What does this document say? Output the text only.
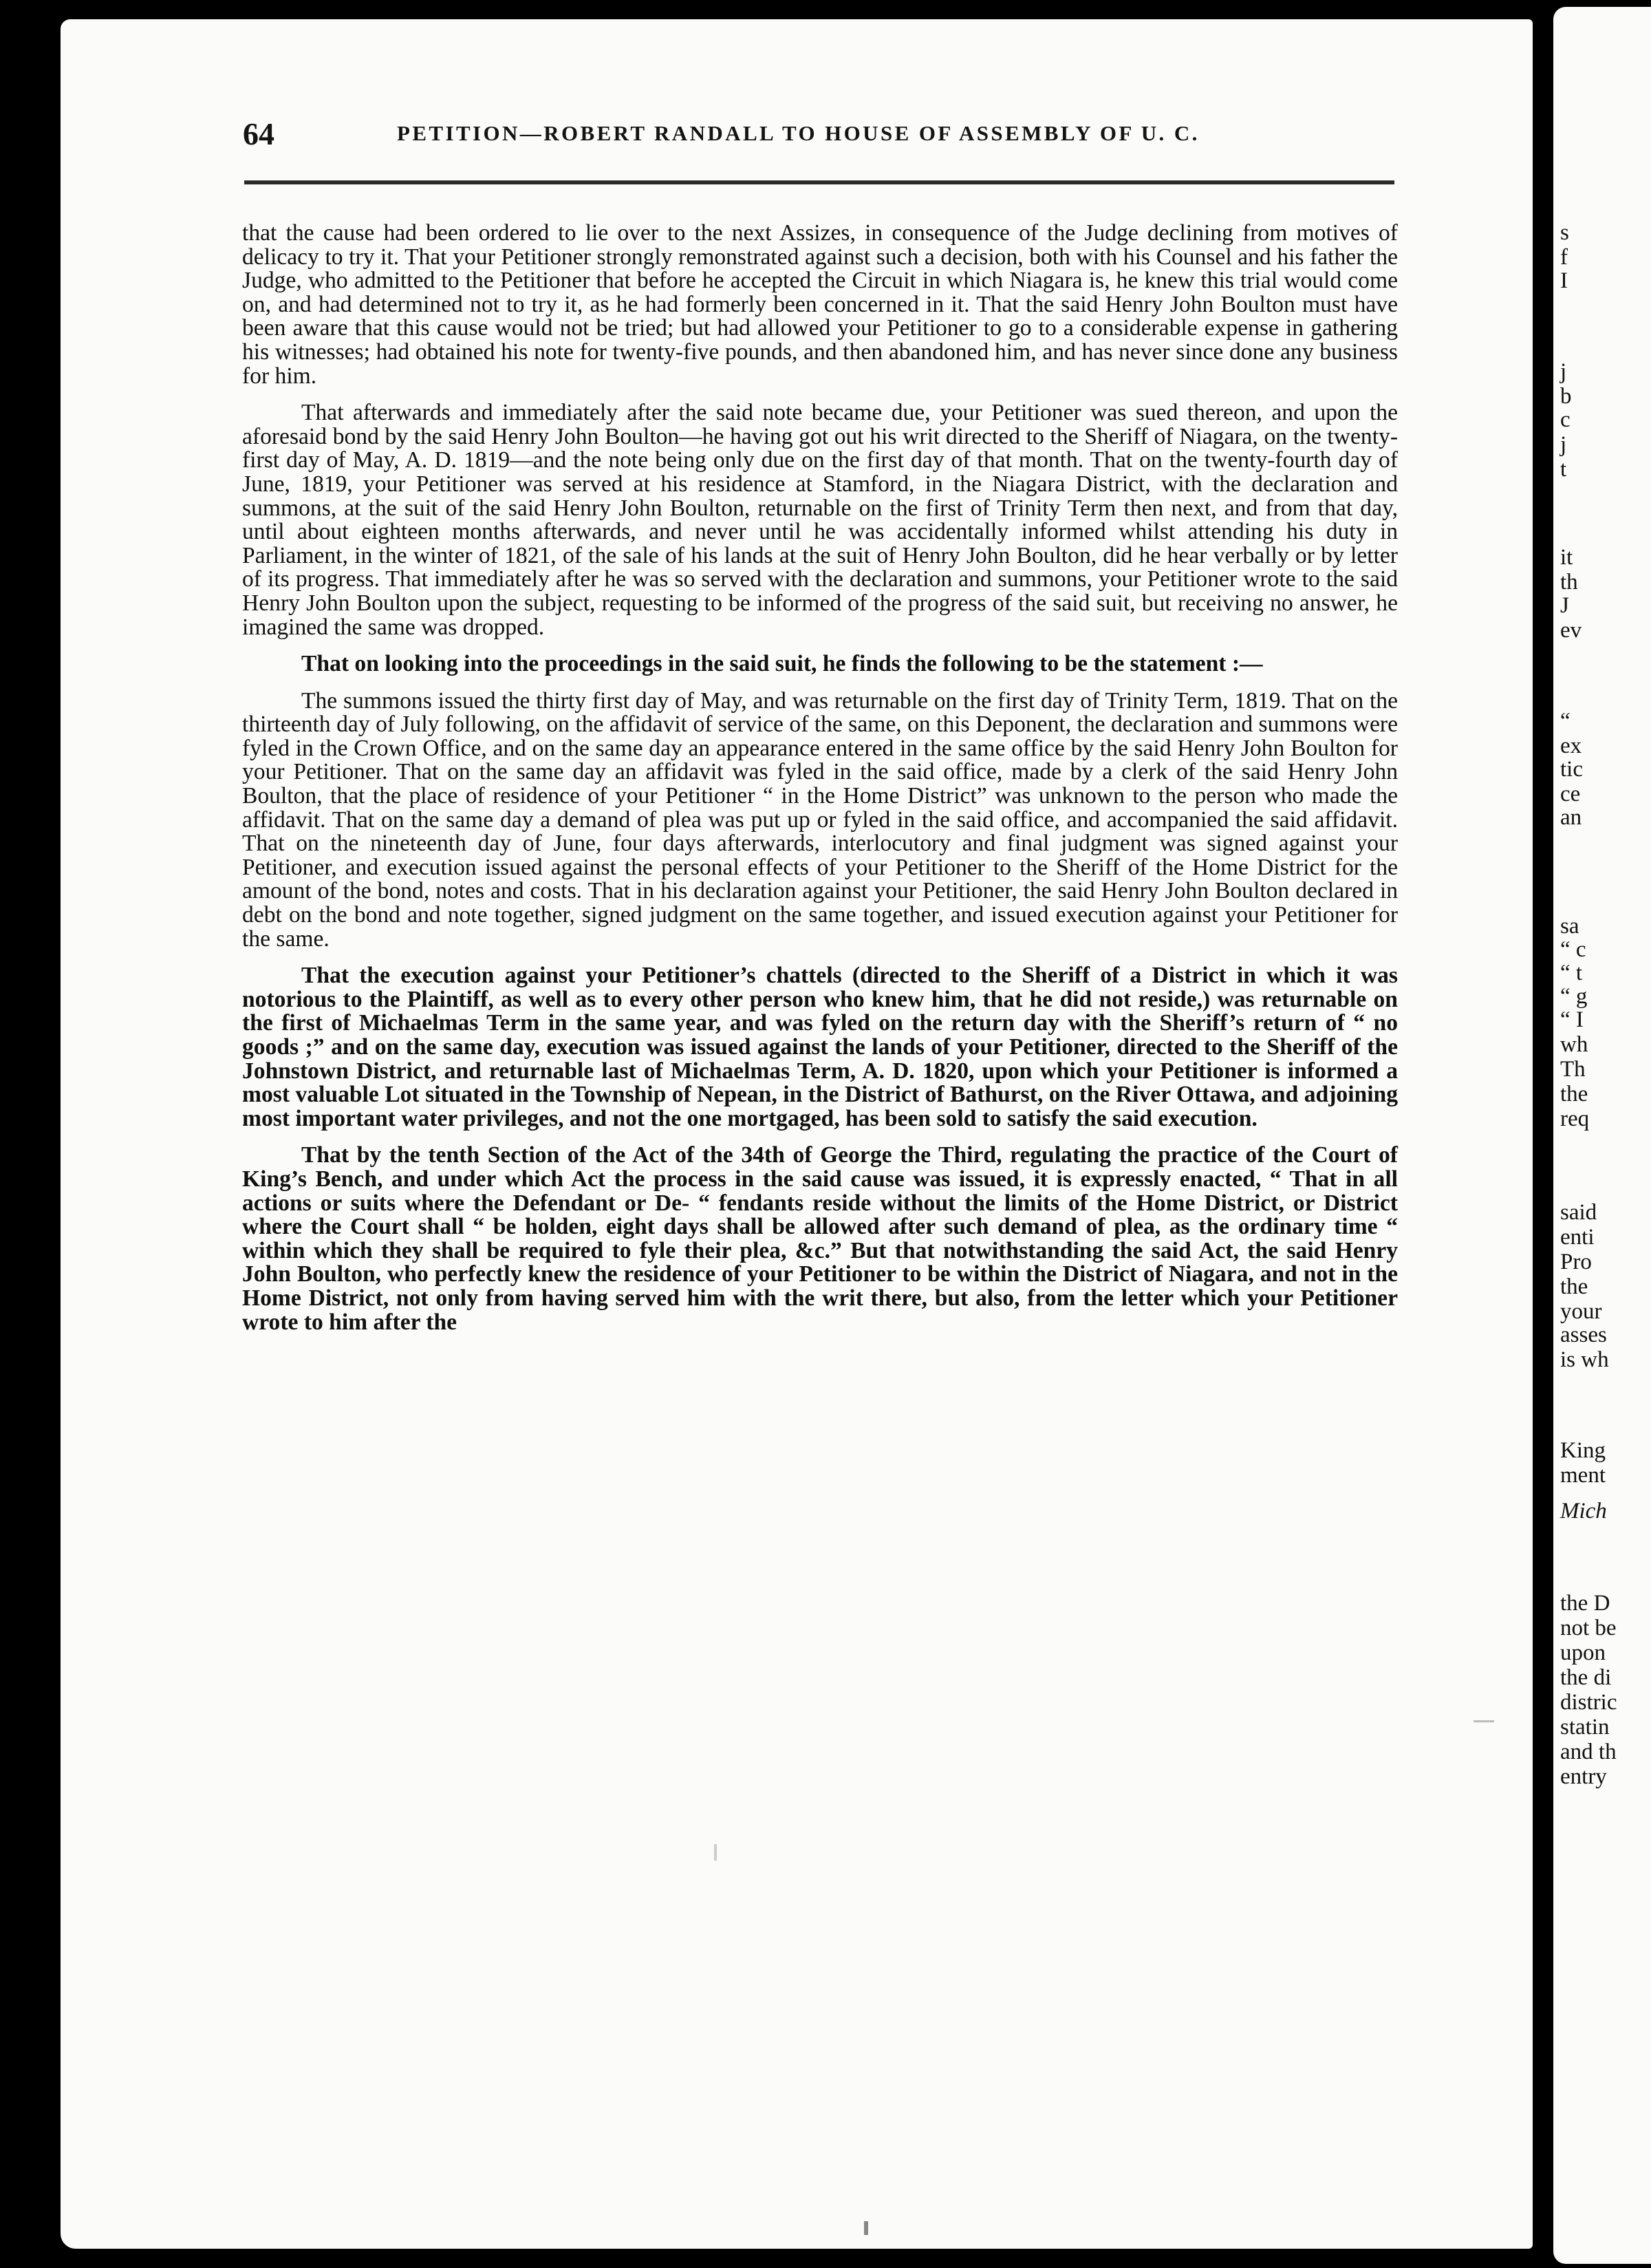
64	PETITION—ROBERT RANDALL TO HOUSE OF ASSEMBLY OF U. C.

that the cause had been ordered to lie over to the next Assizes, in consequence of the Judge declining from motives of delicacy to try it. That your Petitioner strongly remonstrated against such a decision, both with his Counsel and his father the Judge, who admitted to the Petitioner that before he accepted the Circuit in which Niagara is, he knew this trial would come on, and had determined not to try it, as he had formerly been concerned in it. That the said Henry John Boulton must have been aware that this cause would not be tried; but had allowed your Petitioner to go to a considerable expense in gathering his witnesses; had obtained his note for twenty-five pounds, and then abandoned him, and has never since done any business for him.

That afterwards and immediately after the said note became due, your Petitioner was sued thereon, and upon the aforesaid bond by the said Henry John Boulton—he having got out his writ directed to the Sheriff of Niagara, on the twenty-first day of May, A. D. 1819—and the note being only due on the first day of that month. That on the twenty-fourth day of June, 1819, your Petitioner was served at his residence at Stamford, in the Niagara District, with the declaration and summons, at the suit of the said Henry John Boulton, returnable on the first of Trinity Term then next, and from that day, until about eighteen months afterwards, and never until he was accidentally informed whilst attending his duty in Parliament, in the winter of 1821, of the sale of his lands at the suit of Henry John Boulton, did he hear verbally or by letter of its progress. That immediately after he was so served with the declaration and summons, your Petitioner wrote to the said Henry John Boulton upon the subject, requesting to be informed of the progress of the said suit, but receiving no answer, he imagined the same was dropped.

That on looking into the proceedings in the said suit, he finds the following to be the statement :—

The summons issued the thirty first day of May, and was returnable on the first day of Trinity Term, 1819. That on the thirteenth day of July following, on the affidavit of service of the same, on this Deponent, the declaration and summons were fyled in the Crown Office, and on the same day an appearance entered in the same office by the said Henry John Boulton for your Petitioner. That on the same day an affidavit was fyled in the said office, made by a clerk of the said Henry John Boulton, that the place of residence of your Petitioner “ in the Home District” was unknown to the person who made the affidavit. That on the same day a demand of plea was put up or fyled in the said office, and accompanied the said affidavit. That on the nineteenth day of June, four days afterwards, interlocutory and final judgment was signed against your Petitioner, and execution issued against the personal effects of your Petitioner to the Sheriff of the Home District for the amount of the bond, notes and costs. That in his declaration against your Petitioner, the said Henry John Boulton declared in debt on the bond and note together, signed judgment on the same together, and issued execution against your Petitioner for the same.

That the execution against your Petitioner’s chattels (directed to the Sheriff of a District in which it was notorious to the Plaintiff, as well as to every other person who knew him, that he did not reside,) was returnable on the first of Michaelmas Term in the same year, and was fyled on the return day with the Sheriff’s return of “ no goods ;” and on the same day, execution was issued against the lands of your Petitioner, directed to the Sheriff of the Johnstown District, and returnable last of Michaelmas Term, A. D. 1820, upon which your Petitioner is informed a most valuable Lot situated in the Township of Nepean, in the District of Bathurst, on the River Ottawa, and adjoining most important water privileges, and not the one mortgaged, has been sold to satisfy the said execution.

That by the tenth Section of the Act of the 34th of George the Third, regulating the practice of the Court of King’s Bench, and under which Act the process in the said cause was issued, it is expressly enacted, “ That in all actions or suits where the Defendant or De- “ fendants reside without the limits of the Home District, or District where the Court shall “ be holden, eight days shall be allowed after such demand of plea, as the ordinary time “ within which they shall be required to fyle their plea, &c.” But that notwithstanding the said Act, the said Henry John Boulton, who perfectly knew the residence of your Petitioner to be within the District of Niagara, and not in the Home District, not only from having served him with the writ there, but also, from the letter which your Petitioner wrote to him after the

s
f
I
j
b
c
j
t
it
th
J
ev
“
ex
tic
ce
an
sa
“ c
“ t
“ g
“ I
wh
Th
the
req
said
enti
Pro
the
your
asses
is wh
King
ment
Mich
the D
not be
upon
the di
distric
statin
and th
entry
